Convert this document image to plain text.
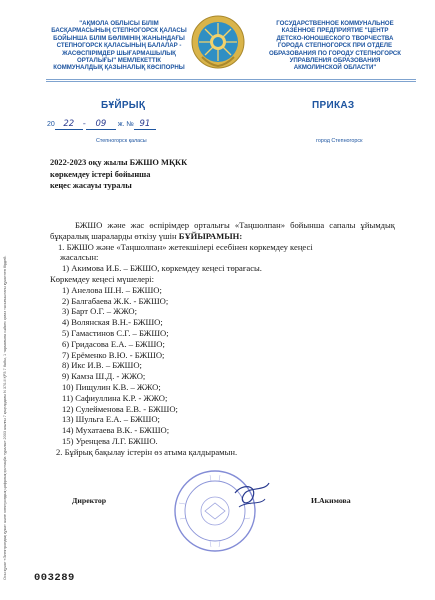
"АҚМОЛА ОБЛЫСЫ БІЛІМ
БАСҚАРМАСЫНЫҢ СТЕПНОГОРСК ҚАЛАСЫ
БОЙЫНША БІЛІМ БӨЛІМІНІҢ ЖАНЫНДАҒЫ
СТЕПНОГОРСК ҚАЛАСЫНЫҢ БАЛАЛАР -
ЖАСӨСПІРІМДЕР ШЫҒАРМАШЫЛЫҚ
ОРТАЛЫҒЫ" МЕМЛЕКЕТТІК
КОММУНАЛДЫҚ ҚАЗЫНАЛЫҚ КӘСІПОРНЫ
ГОСУДАРСТВЕННОЕ КОММУНАЛЬНОЕ
КАЗЕННОЕ ПРЕДПРИЯТИЕ "ЦЕНТР
ДЕТСКО-ЮНОШЕСКОГО ТВОРЧЕСТВА
ГОРОДА СТЕПНОГОРСК ПРИ ОТДЕЛЕ
ОБРАЗОВАНИЯ ПО ГОРОДУ СТЕПНОГОРСК
УПРАВЛЕНИЯ ОБРАЗОВАНИЯ
АКМОЛИНСКОЙ ОБЛАСТИ"
БҰЙРЫҚ	ПРИКАЗ
20 22 - 09 ж. № 91
Степногорск қаласы	город Степногорск
2022-2023 оқу жылы БЖШО МҚКК
көркемдеу істері бойынша
кеңес жасауы туралы

БЖШО және жас өспірімдер орталығы «Таңшолпан» бойынша сапалы ұйымдық бұқаралық шараларды өткізу үшін БҰЙЫРАМЫН:

1. БЖШО және «Таңшолпан» жетекшілері есебінен көркемдеу кеңесі

жасалсын:

1) Акимова И.Б. – БЖШО, көркемдеу кеңесі төрағасы.

Көркемдеу кеңесі мүшелері:

1) Анелова Ш.Н. – БЖШО;

2) Балгабаева Ж.К. - БЖШО;

3) Барт О.Г. – ЖЖО;

4) Волянская В.Н.- БЖШО;

5) Гамастинов С.Г. – БЖШО;

6) Гридасова Е.А. – БЖШО;

7) Ерёменко В.Ю. - БЖШО;

8) Икс И.В. – БЖШО;

9) Камза Ш.Д. - ЖЖО;

10) Пищулин К.В. – ЖЖО;

11) Сафиуллина К.Р. - ЖЖО;

12) Сулейменова Е.В. - БЖШО;

13) Шульга Е.А. – БЖШО;

14) Мухатаева В.К. - БЖШО;

15) Уренцева Л.Г. БЖШО.

2. Бұйрық бақылау істерін өз атыма қалдырамын.

Директор	И.Акимова
Осы құжат «Электрондық құжат және электрондық цифрлық қолтаңба туралы» 2003 жылғы 7 қаңтардағы N 370-II ҚРЗ 7 бабы, 1 тармағына сәйкес қағаз тасығыштағы құжатпен бірдей.	003289
